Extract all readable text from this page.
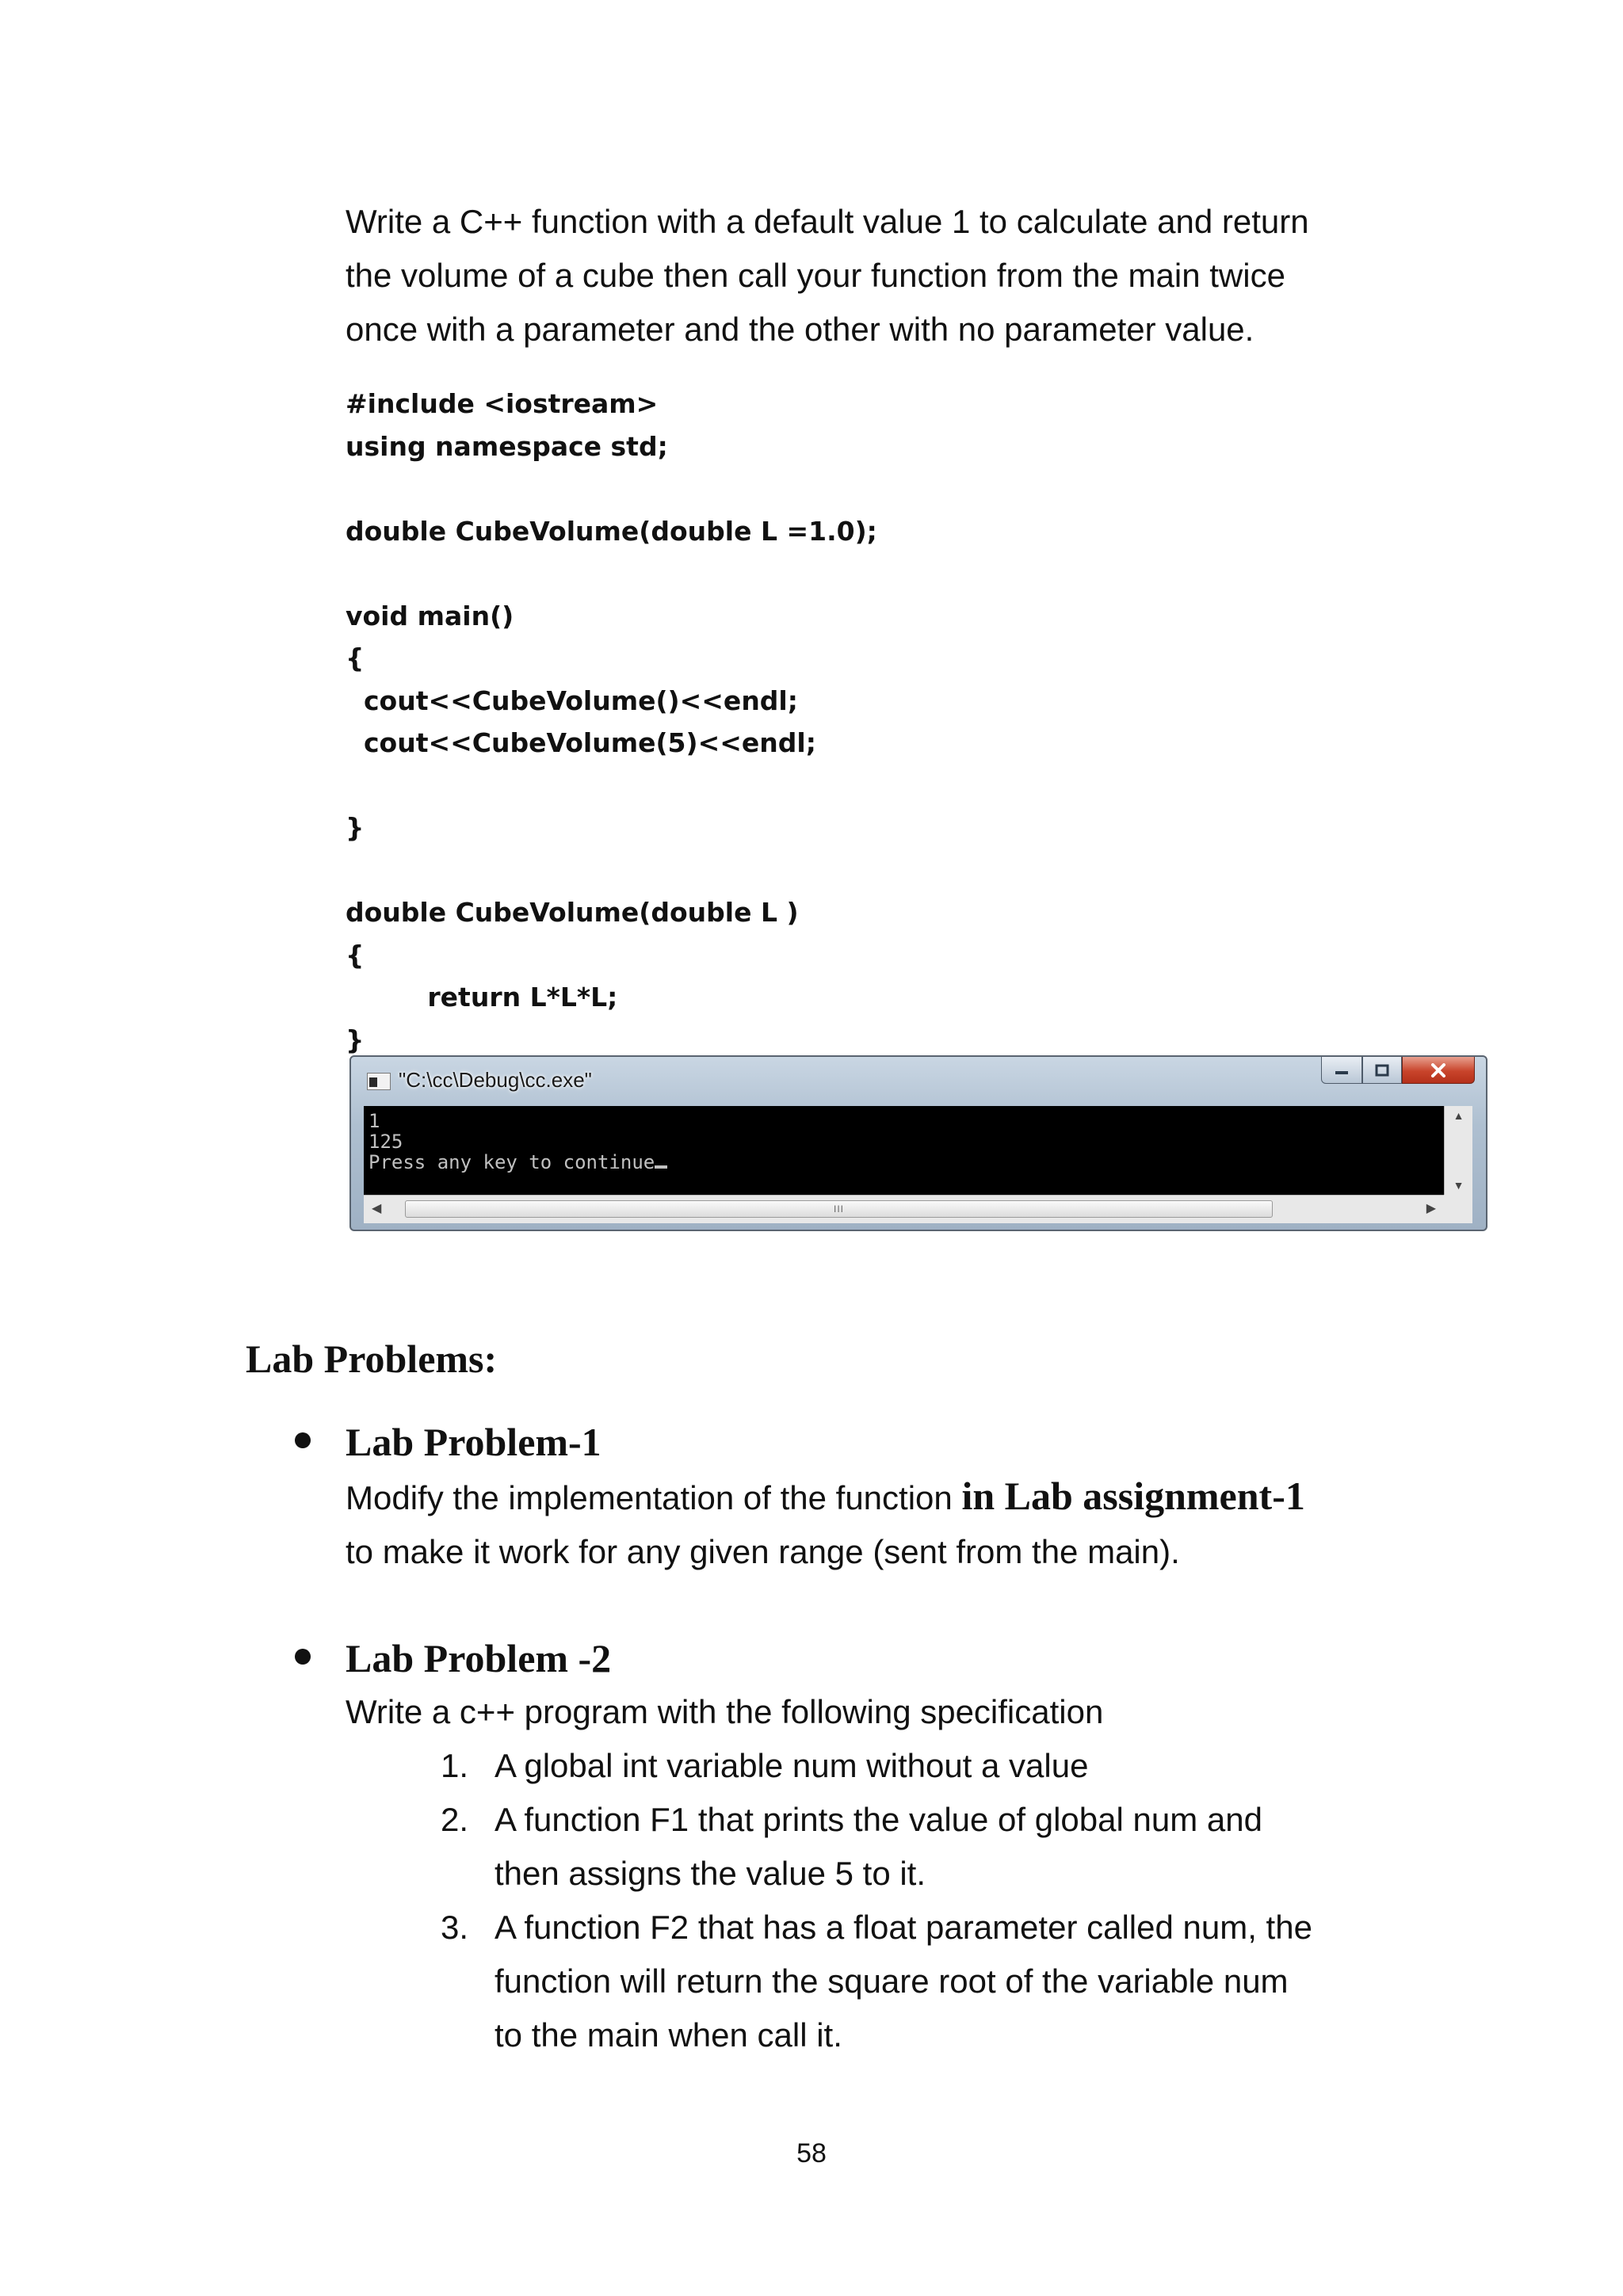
Write a C++ function with a default value 1 to calculate and return
the volume of a cube then call your function from the main twice
once with a parameter and the other with no parameter value.

#include <iostream>
using namespace std;
double CubeVolume(double L =1.0);
void main()
{
cout<<CubeVolume()<<endl;
cout<<CubeVolume(5)<<endl;
}
double CubeVolume(double L )
{
return L*L*L;
}
"C:\cc\Debug\cc.exe"
1
125
Press any key to continue
▲
▼
◀	III	▶
Lab Problems:
Lab Problem-1

Modify the implementation of the function in Lab assignment-1
to make it work for any given range (sent from the main).

Lab Problem -2

Write a c++ program with the following specification

1. A global int variable num without a value
2. A function F1 that prints the value of global num and
then assigns the value 5 to it.
3. A function F2 that has a float parameter called num, the
function will return the square root of the variable num
to the main when call it.
58
